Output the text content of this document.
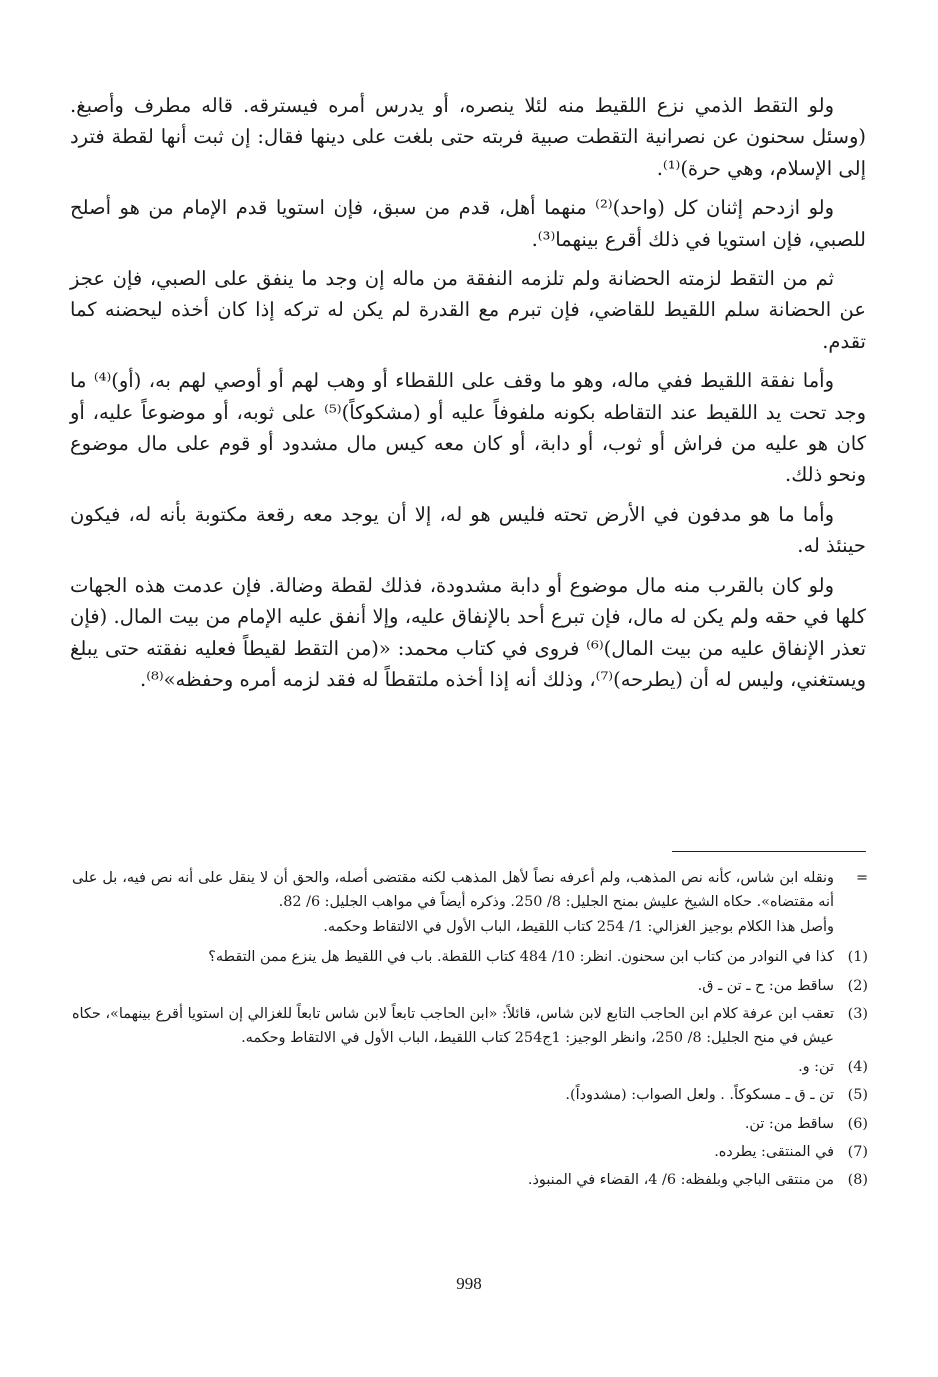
ولو التقط الذمي نزع اللقيط منه لئلا ينصره، أو يدرس أمره فيسترقه. قاله مطرف وأصبغ. (وسئل سحنون عن نصرانية التقطت صبية فربته حتى بلغت على دينها فقال: إن ثبت أنها لقطة فترد إلى الإسلام، وهي حرة)⁽¹⁾.

ولو ازدحم إثنان كل (واحد)⁽²⁾ منهما أهل، قدم من سبق، فإن استويا قدم الإمام من هو أصلح للصبي، فإن استويا في ذلك أقرع بينهما⁽³⁾.

ثم من التقط لزمته الحضانة ولم تلزمه النفقة من ماله إن وجد ما ينفق على الصبي، فإن عجز عن الحضانة سلم اللقيط للقاضي، فإن تبرم مع القدرة لم يكن له تركه إذا كان أخذه ليحضنه كما تقدم.

وأما نفقة اللقيط ففي ماله، وهو ما وقف على اللقطاء أو وهب لهم أو أوصي لهم به، (أو)⁽⁴⁾ ما وجد تحت يد اللقيط عند التقاطه بكونه ملفوفاً عليه أو (مشكوكاً)⁽⁵⁾ على ثوبه، أو موضوعاً عليه، أو كان هو عليه من فراش أو ثوب، أو دابة، أو كان معه كيس مال مشدود أو قوم على مال موضوع ونحو ذلك.

وأما ما هو مدفون في الأرض تحته فليس هو له، إلا أن يوجد معه رقعة مكتوبة بأنه له، فيكون حينئذ له.

ولو كان بالقرب منه مال موضوع أو دابة مشدودة، فذلك لقطة وضالة. فإن عدمت هذه الجهات كلها في حقه ولم يكن له مال، فإن تبرع أحد بالإنفاق عليه، وإلا أنفق عليه الإمام من بيت المال. (فإن تعذر الإنفاق عليه من بيت المال)⁽⁶⁾ فروى في كتاب محمد: «(من التقط لقيطاً فعليه نفقته حتى يبلغ ويستغني، وليس له أن (يطرحه)⁽⁷⁾، وذلك أنه إذا أخذه ملتقطاً له فقد لزمه أمره وحفظه»⁽⁸⁾.

=
ونقله ابن شاس، كأنه نص المذهب، ولم أعرفه نصاً لأهل المذهب لكنه مقتضى أصله، والحق أن لا ينقل على أنه نص فيه، بل على أنه مقتضاه». حكاه الشيخ عليش بمنح الجليل: 8/ 250. وذكره أيضاً في مواهب الجليل: 6/ 82.
وأصل هذا الكلام بوجيز الغزالي: 1/ 254 كتاب اللقيط، الباب الأول في الالتقاط وحكمه.
(1)
كذا في النوادر من كتاب ابن سحنون. انظر: 10/ 484 كتاب اللقطة. باب في اللقيط هل ينزع ممن التقطه؟
(2)
ساقط من: ح ـ تن ـ ق.
(3)
تعقب ابن عرفة كلام ابن الحاجب التابع لابن شاس، قائلاً: «ابن الحاجب تابعاً لابن شاس تابعاً للغزالي إن استويا أقرع بينهما»، حكاه عيش في منح الجليل: 8/ 250، وانظر الوجيز: 1ج254 كتاب اللقيط، الباب الأول في الالتقاط وحكمه.
(4)
تن: و.
(5)
تن ـ ق ـ مسكوكاً. . ولعل الصواب: (مشدوداً).
(6)
ساقط من: تن.
(7)
في المنتقى: يطرده.
(8)
من منتقى الباجي وبلفظه: 6/ 4، القضاء في المنبوذ.
998
